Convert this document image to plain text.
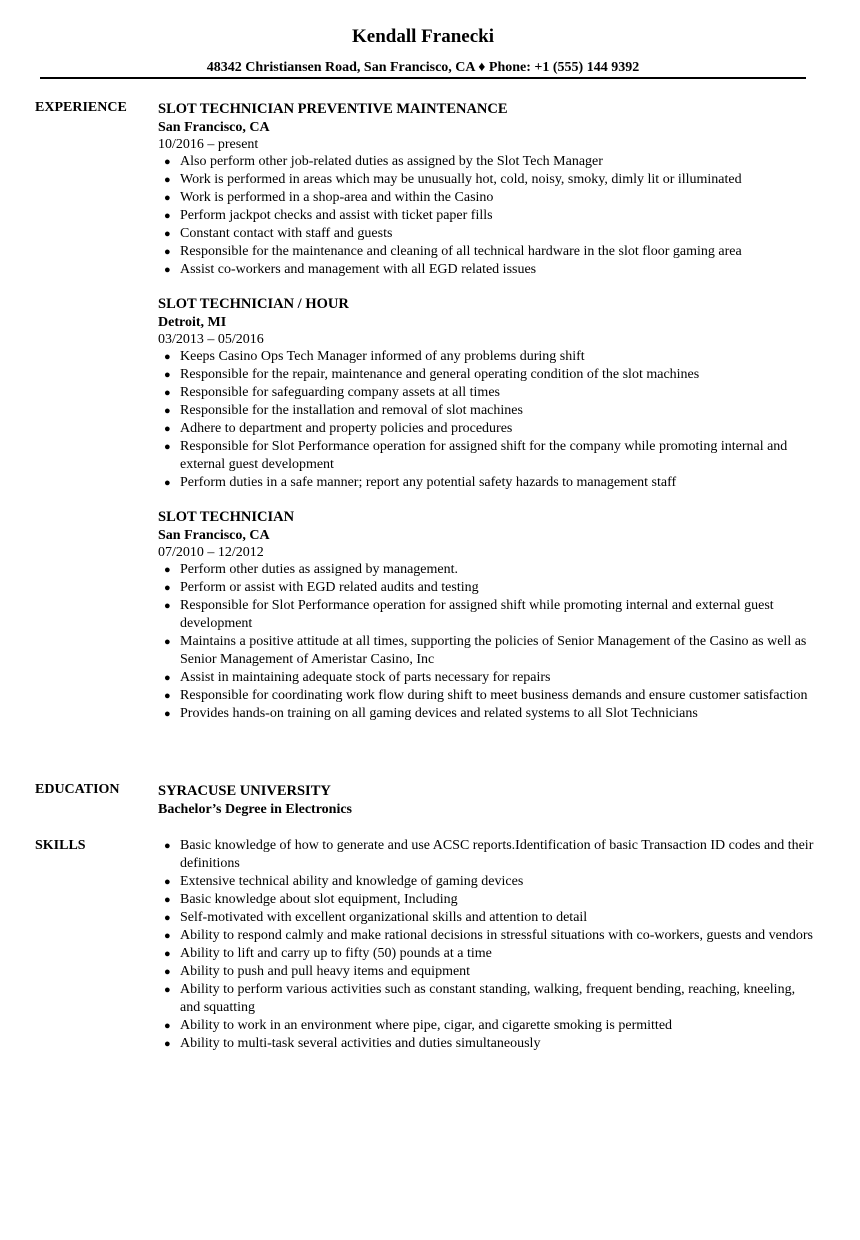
Kendall Franecki
48342 Christiansen Road, San Francisco, CA ♦ Phone: +1 (555) 144 9392
EXPERIENCE SLOT TECHNICIAN PREVENTIVE MAINTENANCE
San Francisco, CA
10/2016 – present
● Also perform other job-related duties as assigned by the Slot Tech Manager
● Work is performed in areas which may be unusually hot, cold, noisy, smoky, dimly lit or illuminated
● Work is performed in a shop-area and within the Casino
● Perform jackpot checks and assist with ticket paper fills
● Constant contact with staff and guests
● Responsible for the maintenance and cleaning of all technical hardware in the slot floor gaming area
● Assist co-workers and management with all EGD related issues
SLOT TECHNICIAN / HOUR
Detroit, MI
03/2013 – 05/2016
● Keeps Casino Ops Tech Manager informed of any problems during shift
● Responsible for the repair, maintenance and general operating condition of the slot machines
● Responsible for safeguarding company assets at all times
● Responsible for the installation and removal of slot machines
● Adhere to department and property policies and procedures
● Responsible for Slot Performance operation for assigned shift for the company while promoting internal and external guest development
● Perform duties in a safe manner; report any potential safety hazards to management staff
SLOT TECHNICIAN
San Francisco, CA
07/2010 – 12/2012
● Perform other duties as assigned by management.
● Perform or assist with EGD related audits and testing
● Responsible for Slot Performance operation for assigned shift while promoting internal and external guest development
● Maintains a positive attitude at all times, supporting the policies of Senior Management of the Casino as well as Senior Management of Ameristar Casino, Inc
● Assist in maintaining adequate stock of parts necessary for repairs
● Responsible for coordinating work flow during shift to meet business demands and ensure customer satisfaction
● Provides hands-on training on all gaming devices and related systems to all Slot Technicians
EDUCATION	SYRACUSE UNIVERSITY
Bachelor’s Degree in Electronics
SKILLS	● Basic knowledge of how to generate and use ACSC reports.Identification of basic Transaction ID codes and their definitions
● Extensive technical ability and knowledge of gaming devices
● Basic knowledge about slot equipment, Including
● Self-motivated with excellent organizational skills and attention to detail
● Ability to respond calmly and make rational decisions in stressful situations with co-workers, guests and vendors
● Ability to lift and carry up to fifty (50) pounds at a time
● Ability to push and pull heavy items and equipment
● Ability to perform various activities such as constant standing, walking, frequent bending, reaching, kneeling, and squatting
● Ability to work in an environment where pipe, cigar, and cigarette smoking is permitted
● Ability to multi-task several activities and duties simultaneously
